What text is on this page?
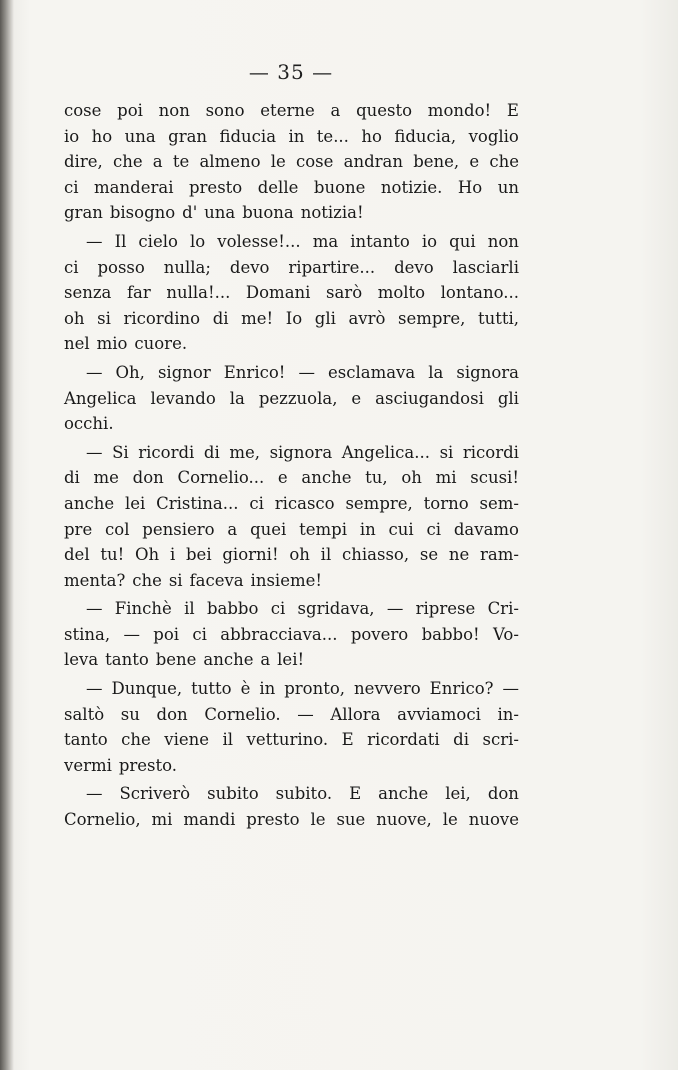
— 35 —
cose poi non sono eterne a questo mondo! E
io ho una gran fiducia in te... ho fiducia, voglio
dire, che a te almeno le cose andran bene, e che
ci manderai presto delle buone notizie. Ho un
gran bisogno d' una buona notizia!
— Il cielo lo volesse!... ma intanto io qui non
ci posso nulla; devo ripartire... devo lasciarli
senza far nulla!... Domani sarò molto lontano...
oh si ricordino di me! Io gli avrò sempre, tutti,
nel mio cuore.
— Oh, signor Enrico! — esclamava la signora
Angelica levando la pezzuola, e asciugandosi gli
occhi.
— Si ricordi di me, signora Angelica... si ricordi
di me don Cornelio... e anche tu, oh mi scusi!
anche lei Cristina... ci ricasco sempre, torno sem-
pre col pensiero a quei tempi in cui ci davamo
del tu! Oh i bei giorni! oh il chiasso, se ne ram-
menta? che si faceva insieme!
— Finchè il babbo ci sgridava, — riprese Cri-
stina, — poi ci abbracciava... povero babbo! Vo-
leva tanto bene anche a lei!
— Dunque, tutto è in pronto, nevvero Enrico? —
saltò su don Cornelio. — Allora avviamoci in-
tanto che viene il vetturino. E ricordati di scri-
vermi presto.
— Scriverò subito subito. E anche lei, don
Cornelio, mi mandi presto le sue nuove, le nuove
